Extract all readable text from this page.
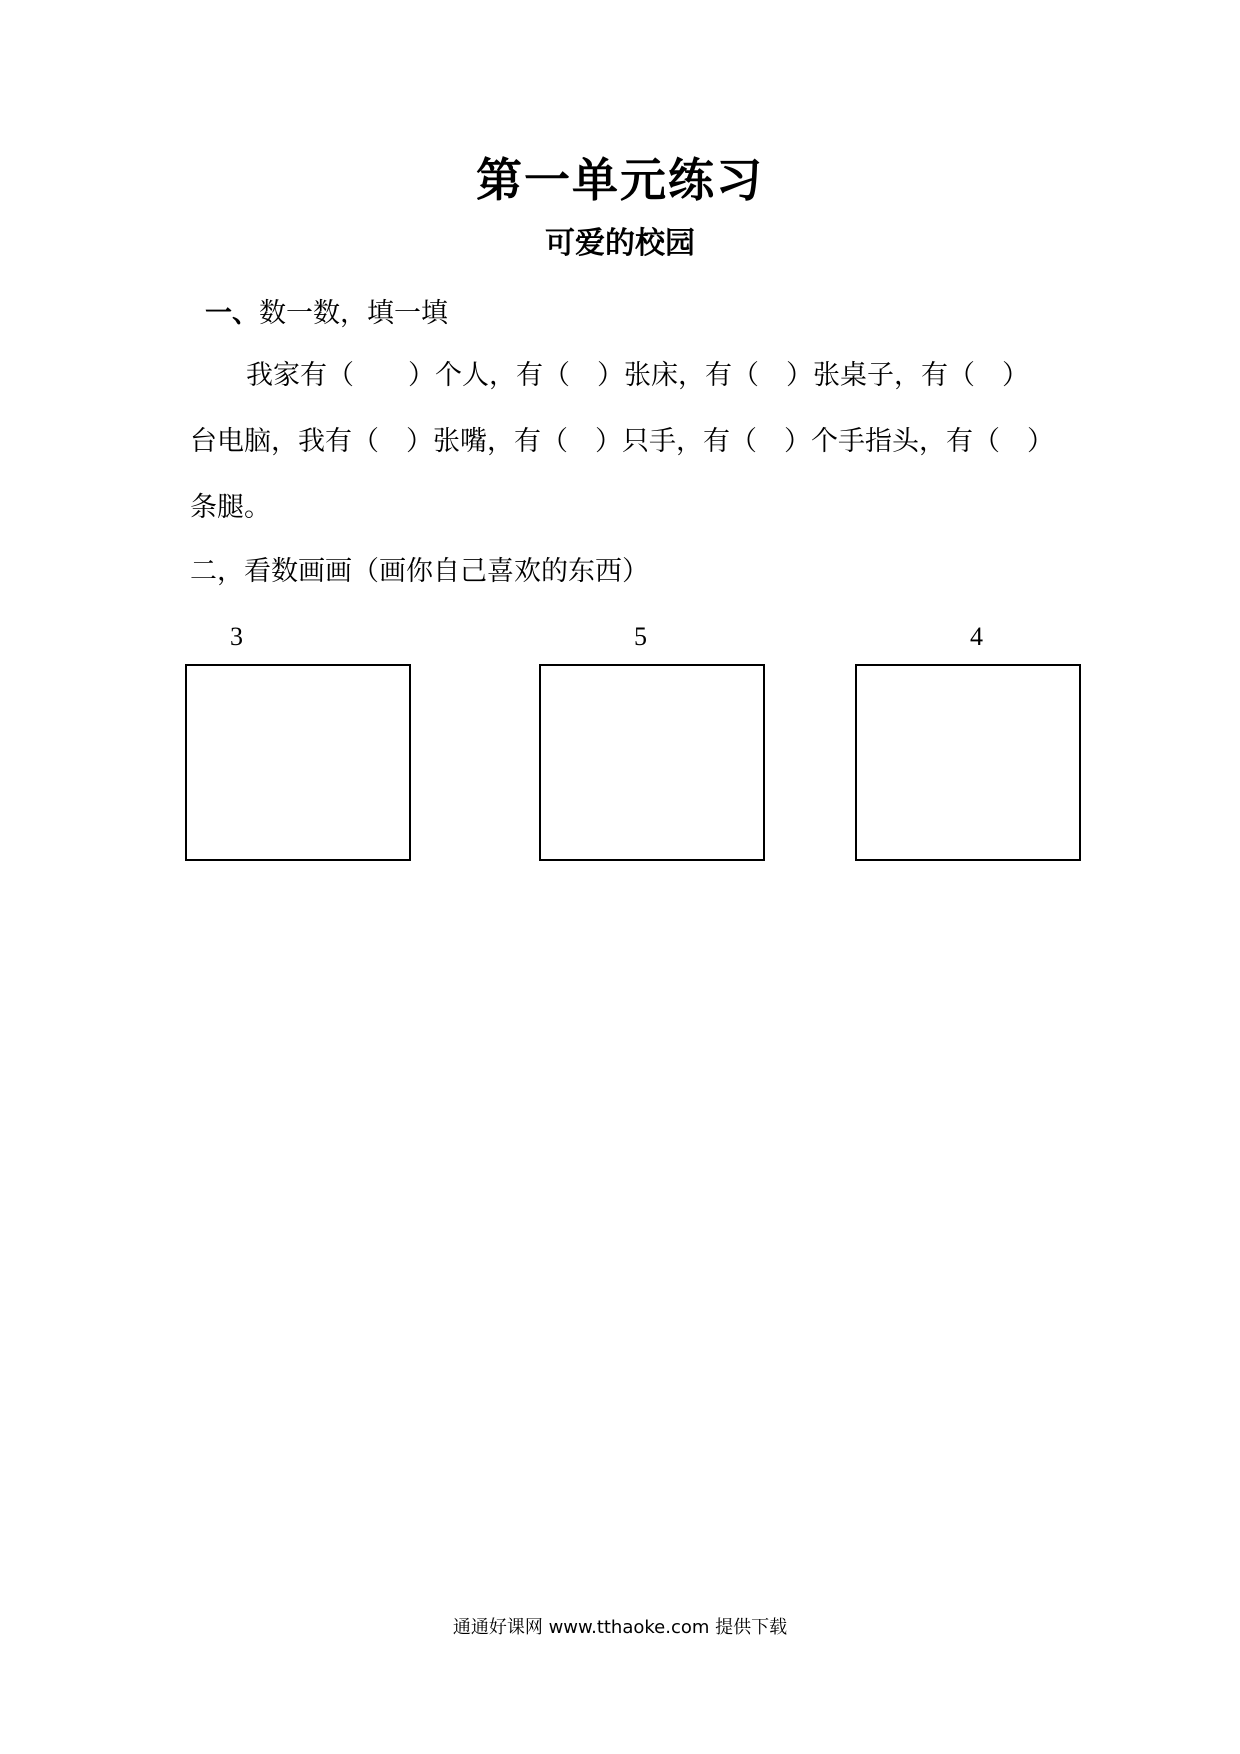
第一单元练习
可爱的校园
一、数一数，填一填
我家有（　　）个人，有（　）张床，有（　）张桌子，有（　）
台电脑，我有（　）张嘴，有（　）只手，有（　）个手指头，有（　）
条腿。
二，看数画画（画你自己喜欢的东西）
3	5	4
通通好课网 www.tthaoke.com 提供下载
